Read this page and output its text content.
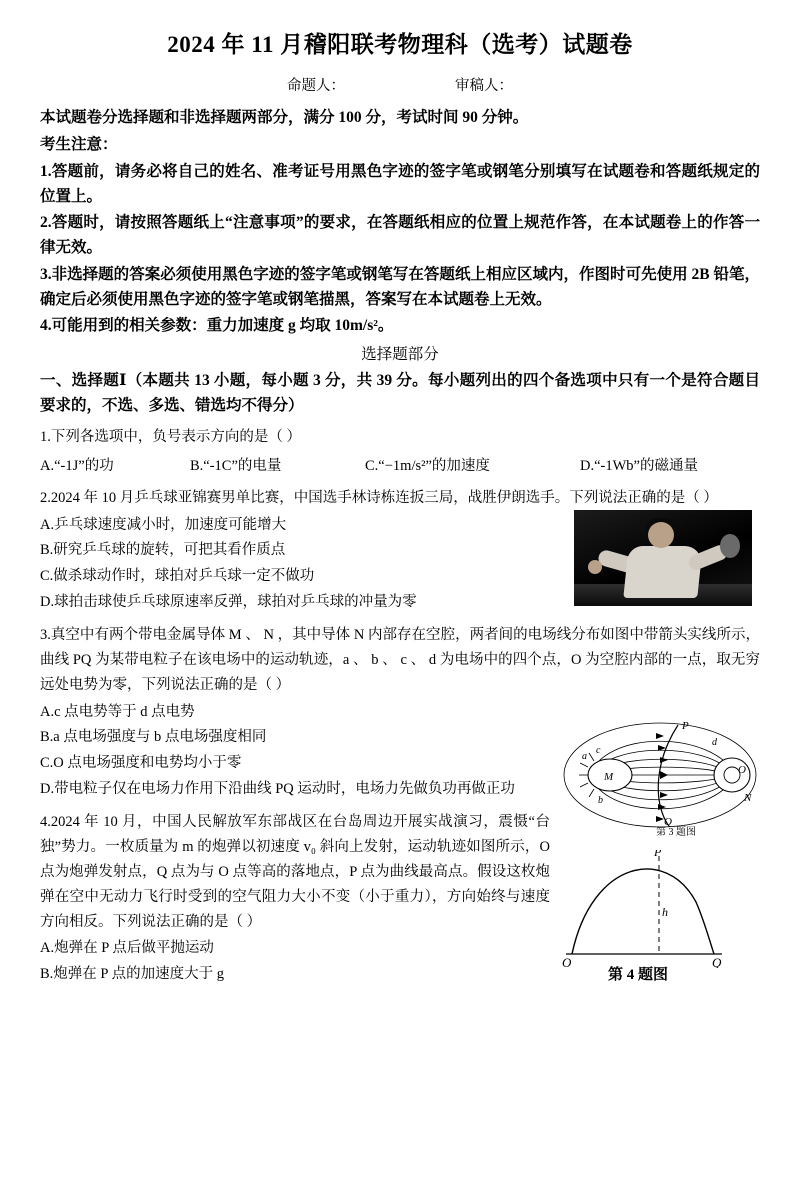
2024 年 11 月稽阳联考物理科（选考）试题卷
命题人：	审稿人：
本试题卷分选择题和非选择题两部分，满分 100 分，考试时间 90 分钟。
考生注意：
1.答题前，请务必将自己的姓名、准考证号用黑色字迹的签字笔或钢笔分别填写在试题卷和答题纸规定的位置上。
2.答题时，请按照答题纸上“注意事项”的要求，在答题纸相应的位置上规范作答，在本试题卷上的作答一律无效。
3.非选择题的答案必须使用黑色字迹的签字笔或钢笔写在答题纸上相应区域内，作图时可先使用 2B 铅笔，确定后必须使用黑色字迹的签字笔或钢笔描黑，答案写在本试题卷上无效。
4.可能用到的相关参数：重力加速度 g 均取 10m/s²。
选择题部分
一、选择题Ⅰ（本题共 13 小题，每小题 3 分，共 39 分。每小题列出的四个备选项中只有一个是符合题目要求的，不选、多选、错选均不得分）
1.下列各选项中，负号表示方向的是（ ）
A.“-1J”的功	B.“-1C”的电量	C.“−1m/s²”的加速度	D.“-1Wb”的磁通量
2.2024 年 10 月乒乓球亚锦赛男单比赛，中国选手林诗栋连扳三局，战胜伊朗选手。下列说法正确的是（ ）
A.乒乓球速度减小时，加速度可能增大
B.研究乒乓球的旋转，可把其看作质点
C.做杀球动作时，球拍对乒乓球一定不做功
D.球拍击球使乒乓球原速率反弹，球拍对乒乓球的冲量为零
3.真空中有两个带电金属导体 M 、 N ，其中导体 N 内部存在空腔，两者间的电场线分布如图中带箭头实线所示，曲线 PQ 为某带电粒子在该电场中的运动轨迹，a 、 b 、 c 、 d 为电场中的四个点，O 为空腔内部的一点，取无穷远处电势为零，下列说法正确的是（ ）
A.c 点电势等于 d 点电势
B.a 点电场强度与 b 点电场强度相同
C.O 点电场强度和电势均小于零
D.带电粒子仅在电场力作用下沿曲线 PQ 运动时，电场力先做负功再做正功
M
O
P
Q
c
b
a
d
N
第 3 题图
4.2024 年 10 月，中国人民解放军东部战区在台岛周边开展实战演习，震慑“台独”势力。一枚质量为 m 的炮弹以初速度 v₀ 斜向上发射，运动轨迹如图所示，O 点为炮弹发射点，Q 点为与 O 点等高的落地点，P 点为曲线最高点。假设这枚炮弹在空中无动力飞行时受到的空气阻力大小不变（小于重力），方向始终与速度方向相反。下列说法正确的是（ ）
A.炮弹在 P 点后做平抛运动
B.炮弹在 P 点的加速度大于 g
P
h
O	Q
第 4 题图
